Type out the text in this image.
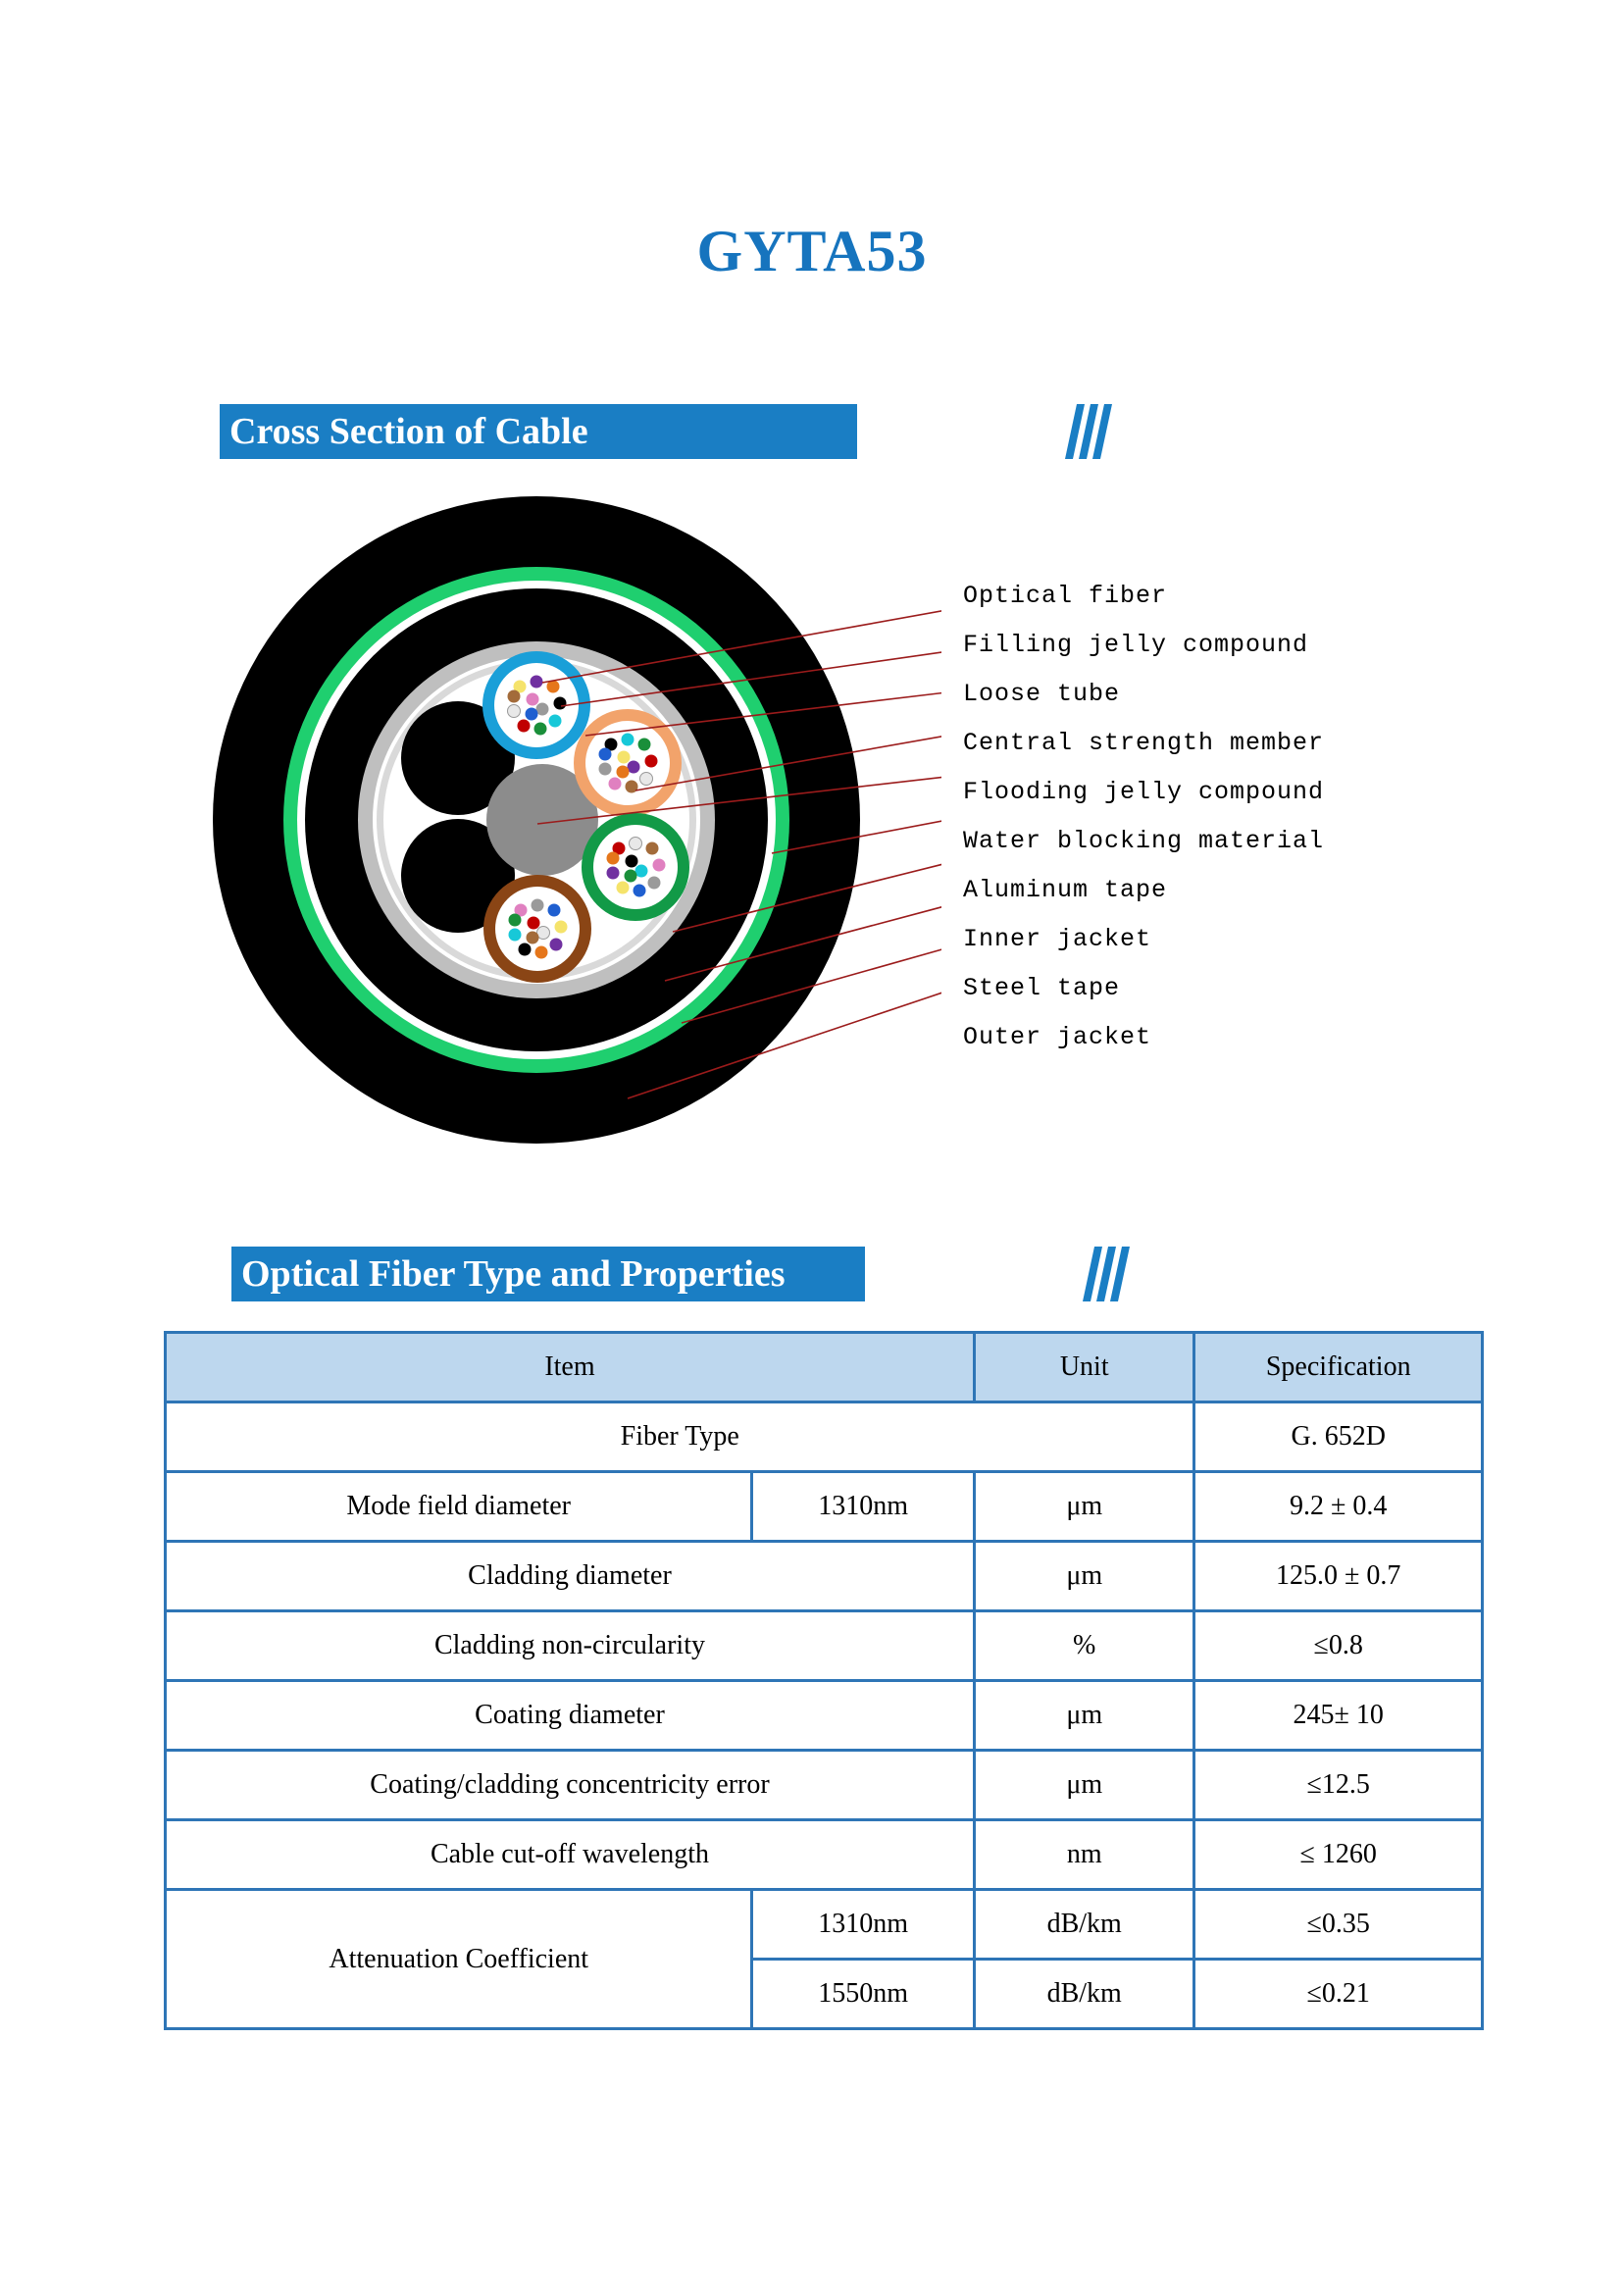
GYTA53
Cross Section of Cable
Optical fiber
Filling jelly compound
Loose tube
Central strength member
Flooding jelly compound
Water blocking material
Aluminum tape
Inner jacket
Steel tape
Outer jacket
Optical Fiber Type and Properties
Item		Unit	Specification
Fiber Type			G. 652D
Mode field diameter	1310nm	μm	9.2 ± 0.4
Cladding diameter		μm	125.0 ± 0.7
Cladding non-circularity		%	≤0.8
Coating diameter		μm	245± 10
Coating/cladding concentricity error		μm	≤12.5
Cable cut-off wavelength		nm	≤ 1260
Attenuation Coefficient	1310nm	dB/km	≤0.35
	1550nm	dB/km	≤0.21
